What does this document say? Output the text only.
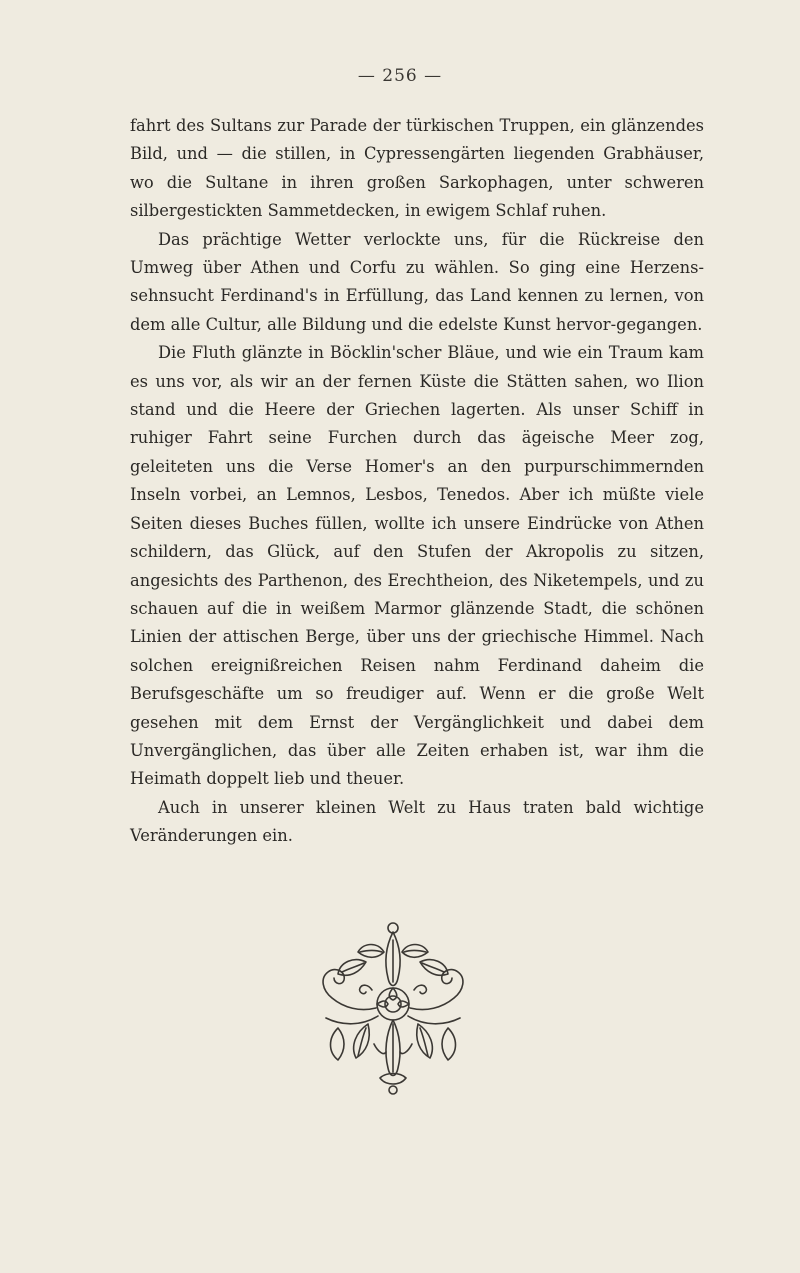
— 256 —

fahrt des Sultans zur Parade der türkischen Truppen, ein glänzendes Bild, und — die stillen, in Cypressengärten liegenden Grabhäuser, wo die Sultane in ihren großen Sarkophagen, unter schweren silbergestickten Sammetdecken, in ewigem Schlaf ruhen.

Das prächtige Wetter verlockte uns, für die Rückreise den Umweg über Athen und Corfu zu wählen. So ging eine Herzens-sehnsucht Ferdinand's in Erfüllung, das Land kennen zu lernen, von dem alle Cultur, alle Bildung und die edelste Kunst hervor-gegangen.

Die Fluth glänzte in Böcklin'scher Bläue, und wie ein Traum kam es uns vor, als wir an der fernen Küste die Stätten sahen, wo Ilion stand und die Heere der Griechen lagerten. Als unser Schiff in ruhiger Fahrt seine Furchen durch das ägeische Meer zog, geleiteten uns die Verse Homer's an den purpurschimmernden Inseln vorbei, an Lemnos, Lesbos, Tenedos. Aber ich müßte viele Seiten dieses Buches füllen, wollte ich unsere Eindrücke von Athen schildern, das Glück, auf den Stufen der Akropolis zu sitzen, angesichts des Parthenon, des Erechtheion, des Niketempels, und zu schauen auf die in weißem Marmor glänzende Stadt, die schönen Linien der attischen Berge, über uns der griechische Himmel. Nach solchen ereignißreichen Reisen nahm Ferdinand daheim die Berufsgeschäfte um so freudiger auf. Wenn er die große Welt gesehen mit dem Ernst der Vergänglichkeit und dabei dem Unvergänglichen, das über alle Zeiten erhaben ist, war ihm die Heimath doppelt lieb und theuer.

Auch in unserer kleinen Welt zu Haus traten bald wichtige Veränderungen ein.
